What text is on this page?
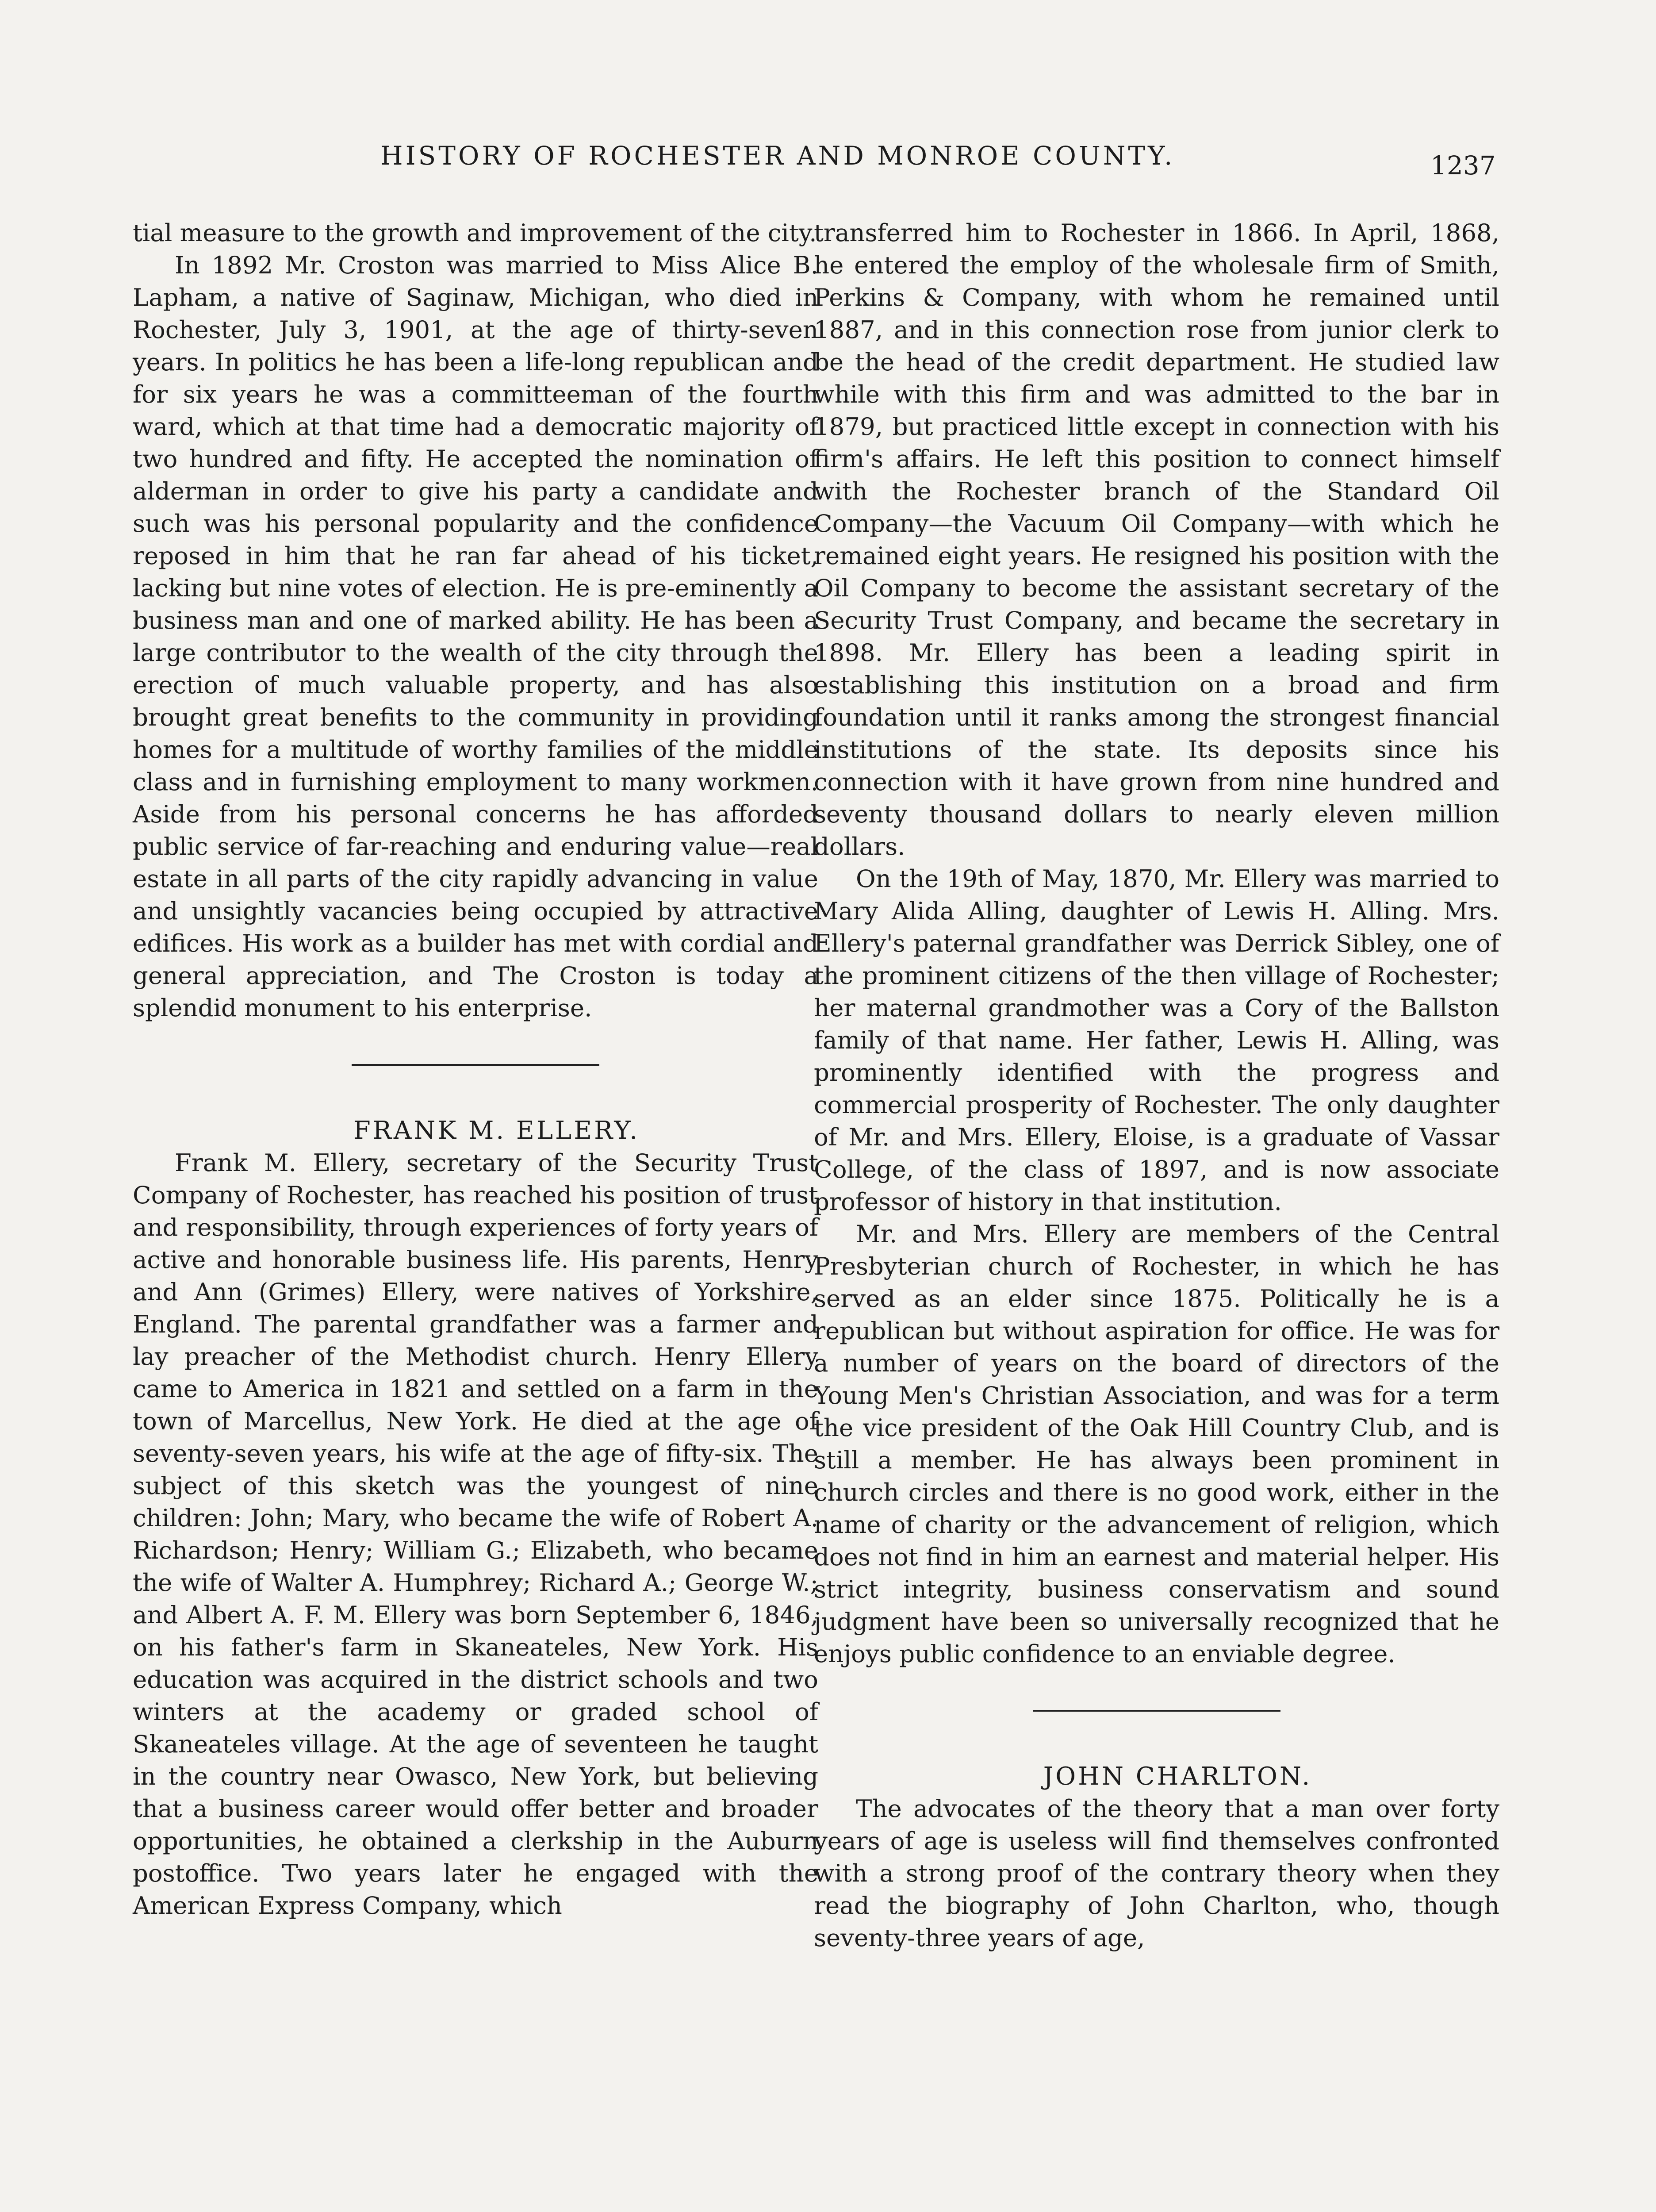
HISTORY OF ROCHESTER AND MONROE COUNTY.	1237

tial measure to the growth and improvement of the city.

In 1892 Mr. Croston was married to Miss Alice B. Lapham, a native of Saginaw, Michigan, who died in Rochester, July 3, 1901, at the age of thirty-seven years. In politics he has been a life-long republican and for six years he was a committeeman of the fourth ward, which at that time had a democratic majority of two hundred and fifty. He accepted the nomination of alderman in order to give his party a candidate and such was his personal popularity and the confidence reposed in him that he ran far ahead of his ticket, lacking but nine votes of election. He is pre-eminently a business man and one of marked ability. He has been a large contributor to the wealth of the city through the erection of much valuable property, and has also brought great benefits to the community in providing homes for a multitude of worthy families of the middle class and in furnishing employment to many workmen. Aside from his personal concerns he has afforded public service of far-reaching and enduring value—real estate in all parts of the city rapidly advancing in value and unsightly vacancies being occupied by attractive edifices. His work as a builder has met with cordial and general appreciation, and The Croston is today a splendid monument to his enterprise.

FRANK M. ELLERY.

Frank M. Ellery, secretary of the Security Trust Company of Rochester, has reached his position of trust and responsibility, through experiences of forty years of active and honorable business life. His parents, Henry and Ann (Grimes) Ellery, were natives of Yorkshire, England. The parental grandfather was a farmer and lay preacher of the Methodist church. Henry Ellery came to America in 1821 and settled on a farm in the town of Marcellus, New York. He died at the age of seventy-seven years, his wife at the age of fifty-six. The subject of this sketch was the youngest of nine children: John; Mary, who became the wife of Robert A. Richardson; Henry; William G.; Elizabeth, who became the wife of Walter A. Humphrey; Richard A.; George W.; and Albert A. F. M. Ellery was born September 6, 1846, on his father's farm in Skaneateles, New York. His education was acquired in the district schools and two winters at the academy or graded school of Skaneateles village. At the age of seventeen he taught in the country near Owasco, New York, but believing that a business career would offer better and broader opportunities, he obtained a clerkship in the Auburn postoffice. Two years later he engaged with the American Express Company, which

transferred him to Rochester in 1866. In April, 1868, he entered the employ of the wholesale firm of Smith, Perkins & Company, with whom he remained until 1887, and in this connection rose from junior clerk to be the head of the credit department. He studied law while with this firm and was admitted to the bar in 1879, but practiced little except in connection with his firm's affairs. He left this position to connect himself with the Rochester branch of the Standard Oil Company—the Vacuum Oil Company—with which he remained eight years. He resigned his position with the Oil Company to become the assistant secretary of the Security Trust Company, and became the secretary in 1898. Mr. Ellery has been a leading spirit in establishing this institution on a broad and firm foundation until it ranks among the strongest financial institutions of the state. Its deposits since his connection with it have grown from nine hundred and seventy thousand dollars to nearly eleven million dollars.

On the 19th of May, 1870, Mr. Ellery was married to Mary Alida Alling, daughter of Lewis H. Alling. Mrs. Ellery's paternal grandfather was Derrick Sibley, one of the prominent citizens of the then village of Rochester; her maternal grandmother was a Cory of the Ballston family of that name. Her father, Lewis H. Alling, was prominently identified with the progress and commercial prosperity of Rochester. The only daughter of Mr. and Mrs. Ellery, Eloise, is a graduate of Vassar College, of the class of 1897, and is now associate professor of history in that institution.

Mr. and Mrs. Ellery are members of the Central Presbyterian church of Rochester, in which he has served as an elder since 1875. Politically he is a republican but without aspiration for office. He was for a number of years on the board of directors of the Young Men's Christian Association, and was for a term the vice president of the Oak Hill Country Club, and is still a member. He has always been prominent in church circles and there is no good work, either in the name of charity or the advancement of religion, which does not find in him an earnest and material helper. His strict integrity, business conservatism and sound judgment have been so universally recognized that he enjoys public confidence to an enviable degree.

JOHN CHARLTON.

The advocates of the theory that a man over forty years of age is useless will find themselves confronted with a strong proof of the contrary theory when they read the biography of John Charlton, who, though seventy-three years of age,
